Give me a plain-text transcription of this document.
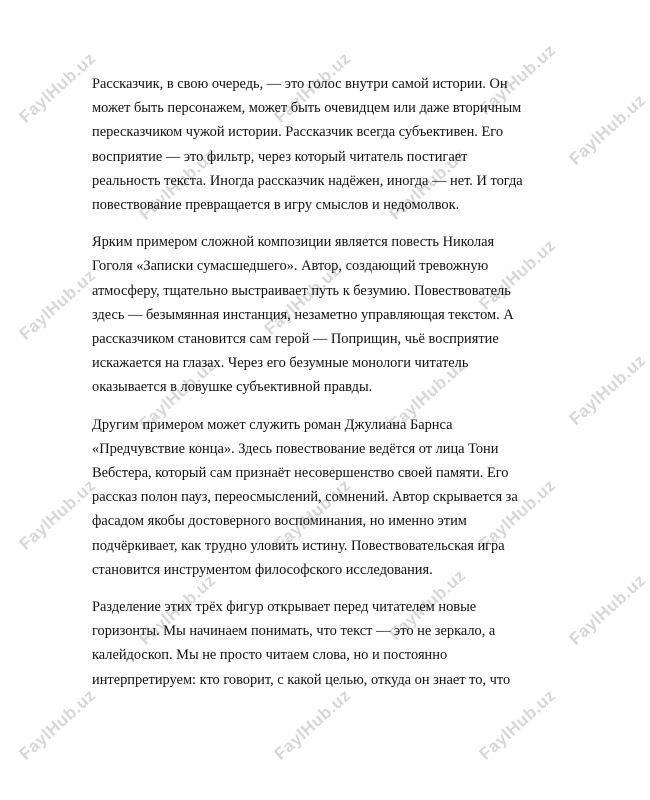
FaylHub.uz	FaylHub.uz	FaylHub.uz
FaylHub.uz	FaylHub.uz
FaylHub.uz
FaylHub.uz	FaylHub.uz	FaylHub.uz
FaylHub.uz	FaylHub.uz	FaylHub.uz
FaylHub.uz	FaylHub.uz	FaylHub.uz
FaylHub.uz	FaylHub.uz	FaylHub.uz
FaylHub.uz	FaylHub.uz	FaylHub.uz
Рассказчик, в свою очередь, — это голос внутри самой истории. Он
может быть персонажем, может быть очевидцем или даже вторичным
пересказчиком чужой истории. Рассказчик всегда субъективен. Его
восприятие — это фильтр, через который читатель постигает
реальность текста. Иногда рассказчик надёжен, иногда — нет. И тогда
повествование превращается в игру смыслов и недомолвок.
Ярким примером сложной композиции является повесть Николая
Гоголя «Записки сумасшедшего». Автор, создающий тревожную
атмосферу, тщательно выстраивает путь к безумию. Повествователь
здесь — безымянная инстанция, незаметно управляющая текстом. А
рассказчиком становится сам герой — Поприщин, чьё восприятие
искажается на глазах. Через его безумные монологи читатель
оказывается в ловушке субъективной правды.
Другим примером может служить роман Джулиана Барнса
«Предчувствие конца». Здесь повествование ведётся от лица Тони
Вебстера, который сам признаёт несовершенство своей памяти. Его
рассказ полон пауз, переосмыслений, сомнений. Автор скрывается за
фасадом якобы достоверного воспоминания, но именно этим
подчёркивает, как трудно уловить истину. Повествовательская игра
становится инструментом философского исследования.
Разделение этих трёх фигур открывает перед читателем новые
горизонты. Мы начинаем понимать, что текст — это не зеркало, а
калейдоскоп. Мы не просто читаем слова, но и постоянно
интерпретируем: кто говорит, с какой целью, откуда он знает то, что
